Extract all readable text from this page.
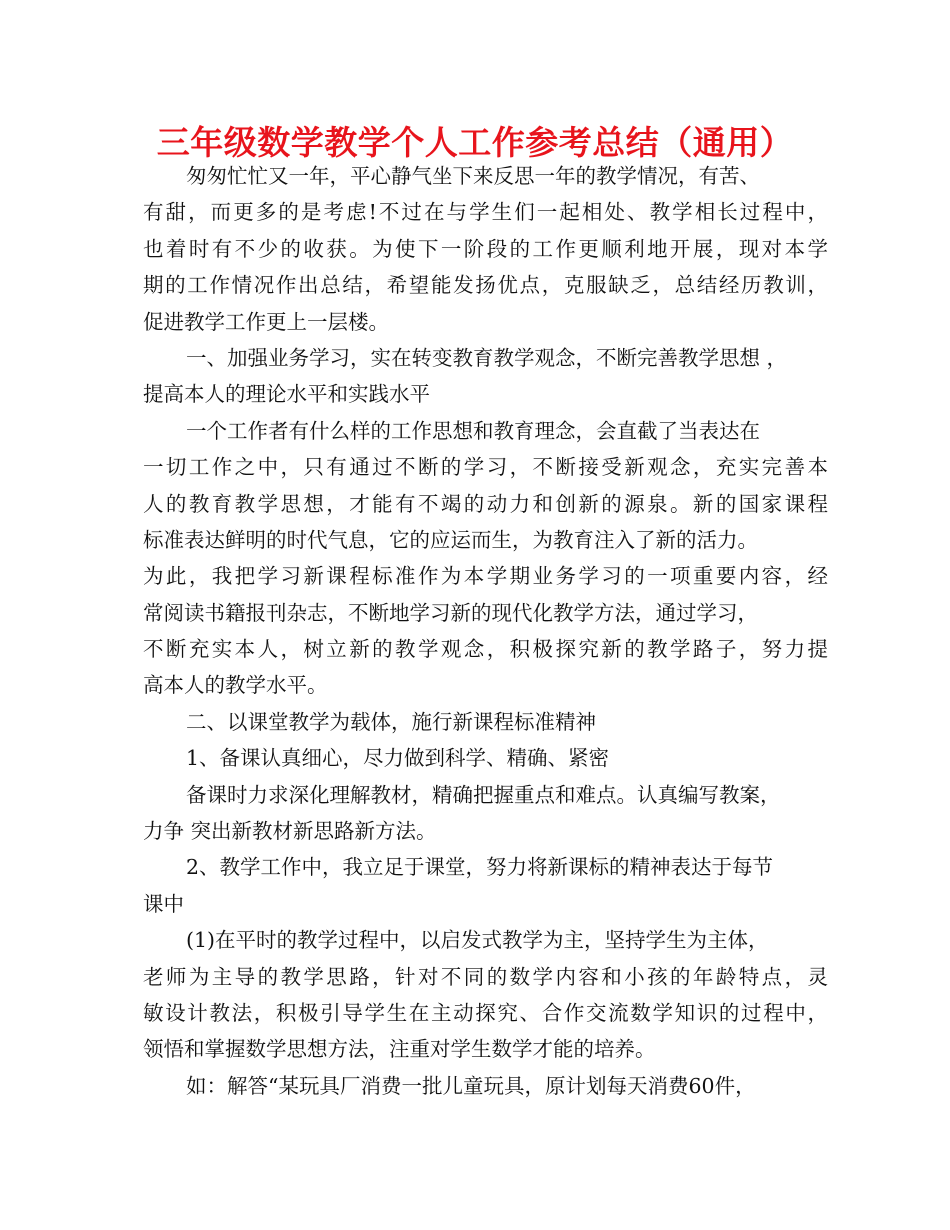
三年级数学教学个人工作参考总结（通用）
匆匆忙忙又一年，平心静气坐下来反思一年的教学情况，有苦、
有甜，而更多的是考虑!不过在与学生们一起相处、教学相长过程中，
也着时有不少的收获。为使下一阶段的工作更顺利地开展，现对本学
期的工作情况作出总结，希望能发扬优点，克服缺乏，总结经历教训，
促进教学工作更上一层楼。
一、加强业务学习，实在转变教育教学观念，不断完善教学思想 ，
提高本人的理论水平和实践水平
一个工作者有什么样的工作思想和教育理念，会直截了当表达在
一切工作之中，只有通过不断的学习，不断接受新观念，充实完善本
人的教育教学思想，才能有不竭的动力和创新的源泉。新的国家课程
标准表达鲜明的时代气息，它的应运而生，为教育注入了新的活力。
为此，我把学习新课程标准作为本学期业务学习的一项重要内容，经
常阅读书籍报刊杂志，不断地学习新的现代化教学方法，通过学习，
不断充实本人，树立新的教学观念，积极探究新的教学路子，努力提
高本人的教学水平。
二、以课堂教学为载体，施行新课程标准精神
1、备课认真细心，尽力做到科学、精确、紧密
备课时力求深化理解教材，精确把握重点和难点。认真编写教案，
力争 突出新教材新思路新方法。
2、教学工作中，我立足于课堂，努力将新课标的精神表达于每节
课中
(1)在平时的教学过程中，以启发式教学为主，坚持学生为主体，
老师为主导的教学思路，针对不同的数学内容和小孩的年龄特点，灵
敏设计教法，积极引导学生在主动探究、合作交流数学知识的过程中，
领悟和掌握数学思想方法，注重对学生数学才能的培养。
如：解答“某玩具厂消费一批儿童玩具，原计划每天消费60件，
